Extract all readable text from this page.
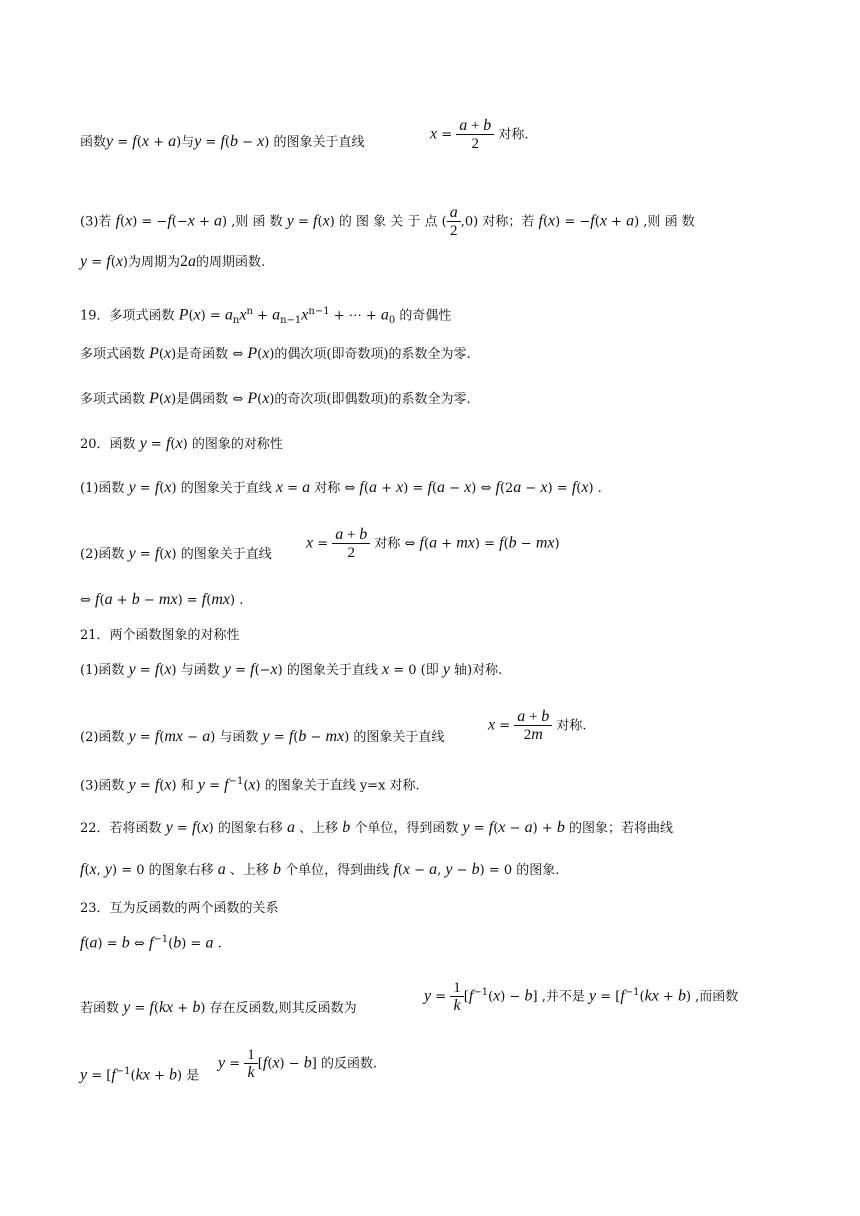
函数y = f(x + a)与y = f(b − x) 的图象关于直线	$x = \frac{a + b}{2}$ 对称.
(3)若 f(x) = −f(−x + a) ,则 函 数 y = f(x) 的 图 象 关 于 点 ( $\frac{a}{2} ,0$) 对称；若 f(x) = −f(x + a) ,则 函 数
y = f(x)为周期为2a的周期函数.
19．多项式函数 $P(x) = a_nx^n + a_{n-1}x^{n-1}$ + ⋯ + $a_0$ 的奇偶性
多项式函数 P(x)是奇函数 ⇔ P(x)的偶次项(即奇数项)的系数全为零.
多项式函数 P(x)是偶函数 ⇔ P(x)的奇次项(即偶数项)的系数全为零.
20．函数 y = f(x) 的图象的对称性
(1)函数 y = f(x) 的图象关于直线 x = a 对称 ⇔ f(a + x) = f(a − x) ⇔ f(2a − x) = f(x) .
(2)函数 y = f(x) 的图象关于直线
$x = \frac{a + b}{2}$ 对称 ⇔ f(a + mx) = f(b − mx)
⇔ f(a + b − mx) = f(mx) .
21．两个函数图象的对称性
(1)函数 y = f(x) 与函数 y = f(−x) 的图象关于直线 x = 0 (即 y 轴)对称.
(2)函数 y = f(mx − a) 与函数 y = f(b − mx) 的图象关于直线
$x = \frac{a + b}{2m}$ 对称.
(3)函数 y = f(x) 和 $y = f^{-1}(x)$ 的图象关于直线 y=x 对称.
22．若将函数 y = f(x) 的图象右移 a 、上移 b 个单位，得到函数 y = f(x − a) + b 的图象；若将曲线
f(x, y) = 0 的图象右移 a 、上移 b 个单位，得到曲线 f(x − a, y − b) = 0 的图象.
23．互为反函数的两个函数的关系
f(a) = b ⇔ $f^{-1}(b) = a$ .
若函数 y = f(kx + b) 存在反函数,则其反函数为
$y = \frac{1}{k} [f^{-1}(x) - b]$ ,并不是 $y = [f^{-1}(kx + b)$ ,而函数
$y = [f^{-1}(kx + b)$ 是
$y = \frac{1}{k} [f(x) - b]$ 的反函数.
